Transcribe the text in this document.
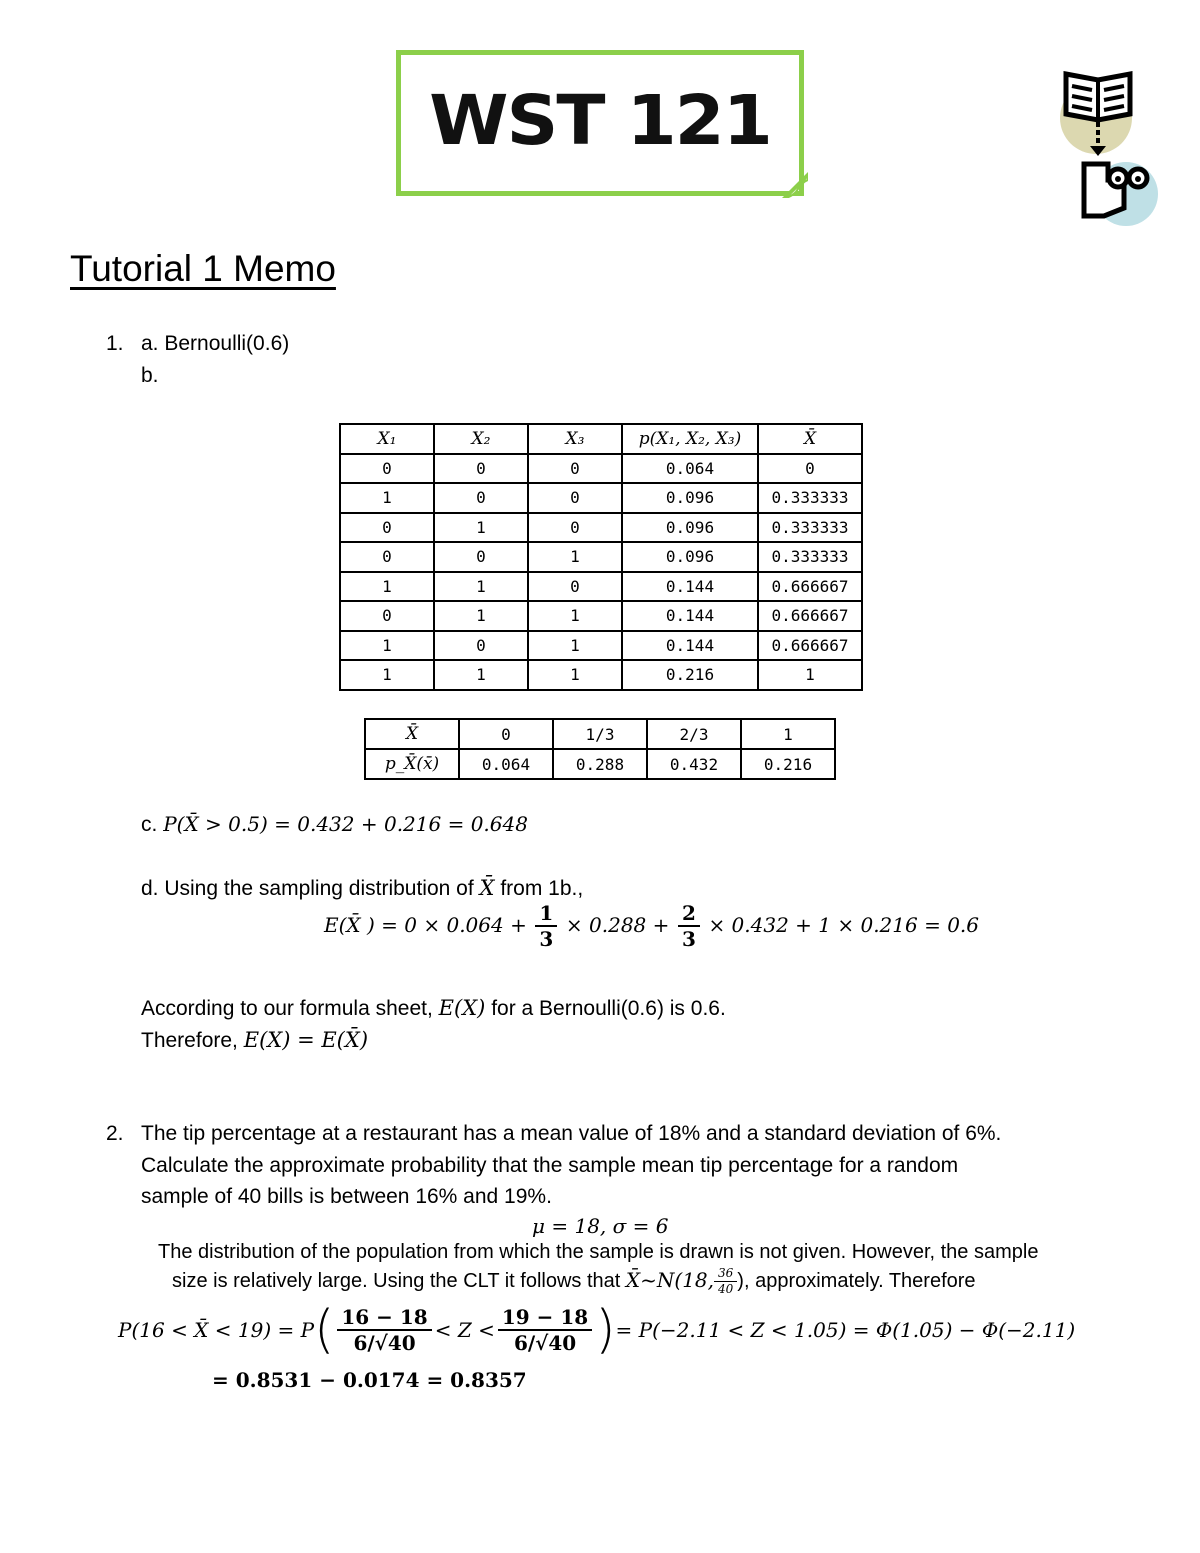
WST 121
Tutorial 1 Memo
1. a. Bernoulli(0.6)
b.
X₁	X₂	X₃	p(X₁, X₂, X₃)	X̄
0	0	0	0.064	0
1	0	0	0.096	0.333333
0	1	0	0.096	0.333333
0	0	1	0.096	0.333333
1	1	0	0.144	0.666667
0	1	1	0.144	0.666667
1	0	1	0.144	0.666667
1	1	1	0.216	1
X̄	0	1/3	2/3	1
p_X̄(x̄)	0.064	0.288	0.432	0.216
c. P(X̄ > 0.5) = 0.432 + 0.216 = 0.648
d. Using the sampling distribution of X̄ from 1b.,
E(X̄ ) = $0 \times 0.064 + \frac{1}{3} \times 0.288 + \frac{2}{3} \times 0.432 + 1 \times 0.216 = 0.6$
According to our formula sheet, E(X) for a Bernoulli(0.6) is 0.6.
Therefore, E(X) = E(X̄)
2. The tip percentage at a restaurant has a mean value of 18% and a standard deviation of 6%.
Calculate the approximate probability that the sample mean tip percentage for a random
sample of 40 bills is between 16% and 19%.
μ = 18, σ = 6
The distribution of the population from which the sample is drawn is not given. However, the sample
size is relatively large. Using the CLT it follows that X̄~N(18, $\frac{36}{40}$ ), approximately. Therefore
P(16 < X̄ < $19) = P( \frac{16 - 18}{6/√40} < Z < \frac{19 - 18}{6/√40}$ )= P(−2.11 < Z < 1.05) = Φ(1.05) − Φ(−2.11)
= 0.8531 − 0.0174 = 0.8357
